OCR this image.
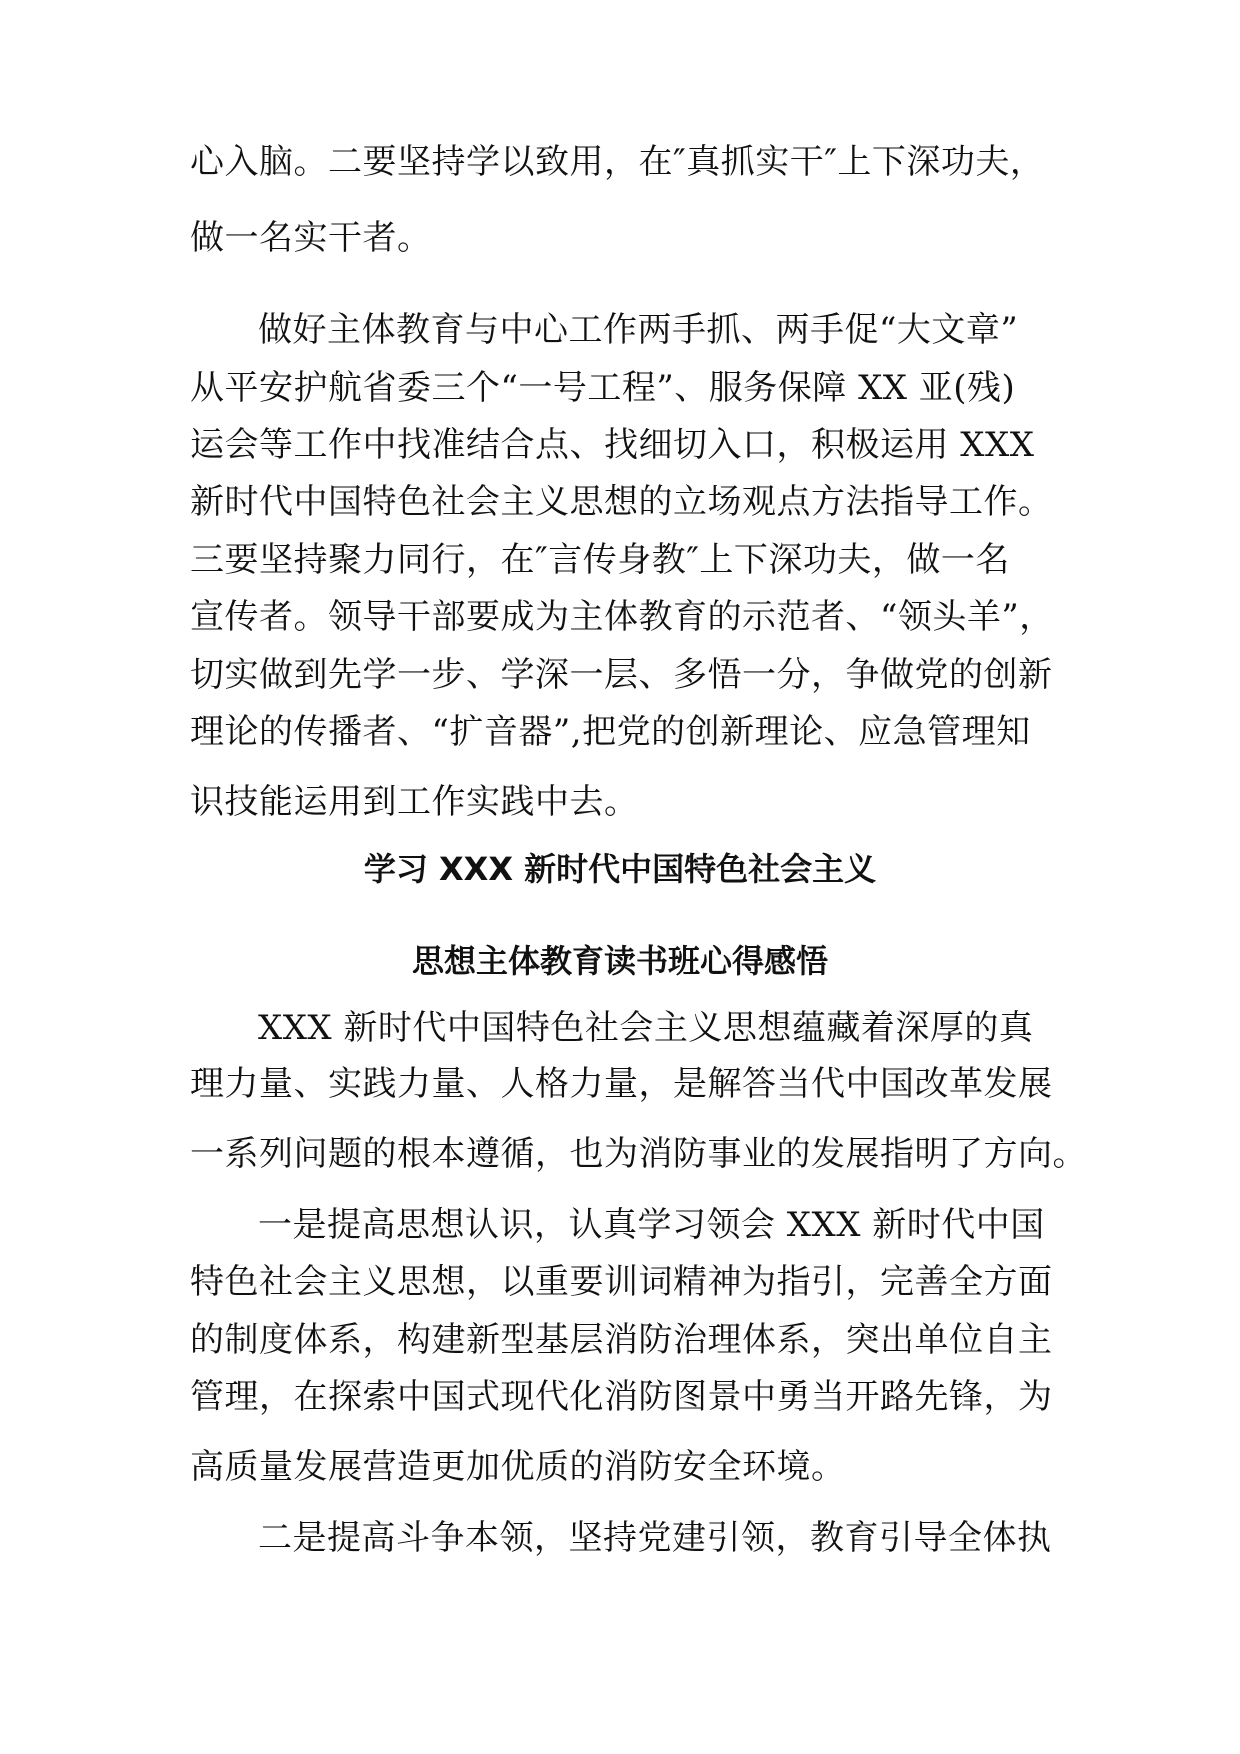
心入脑。二要坚持学以致用，在″真抓实干″上下深功夫，
做一名实干者。
做好主体教育与中心工作两手抓、两手促“大文章”
从平安护航省委三个“一号工程”、服务保障 XX 亚(残)
运会等工作中找准结合点、找细切入口，积极运用 XXX
新时代中国特色社会主义思想的立场观点方法指导工作。
三要坚持聚力同行，在″言传身教″上下深功夫，做一名
宣传者。领导干部要成为主体教育的示范者、“领头羊”，
切实做到先学一步、学深一层、多悟一分，争做党的创新
理论的传播者、“扩音器”,把党的创新理论、应急管理知
识技能运用到工作实践中去。
学习 XXX 新时代中国特色社会主义
思想主体教育读书班心得感悟
XXX 新时代中国特色社会主义思想蕴藏着深厚的真
理力量、实践力量、人格力量，是解答当代中国改革发展
一系列问题的根本遵循，也为消防事业的发展指明了方向。
一是提高思想认识，认真学习领会 XXX 新时代中国
特色社会主义思想，以重要训词精神为指引，完善全方面
的制度体系，构建新型基层消防治理体系，突出单位自主
管理，在探索中国式现代化消防图景中勇当开路先锋，为
高质量发展营造更加优质的消防安全环境。
二是提高斗争本领，坚持党建引领，教育引导全体执
